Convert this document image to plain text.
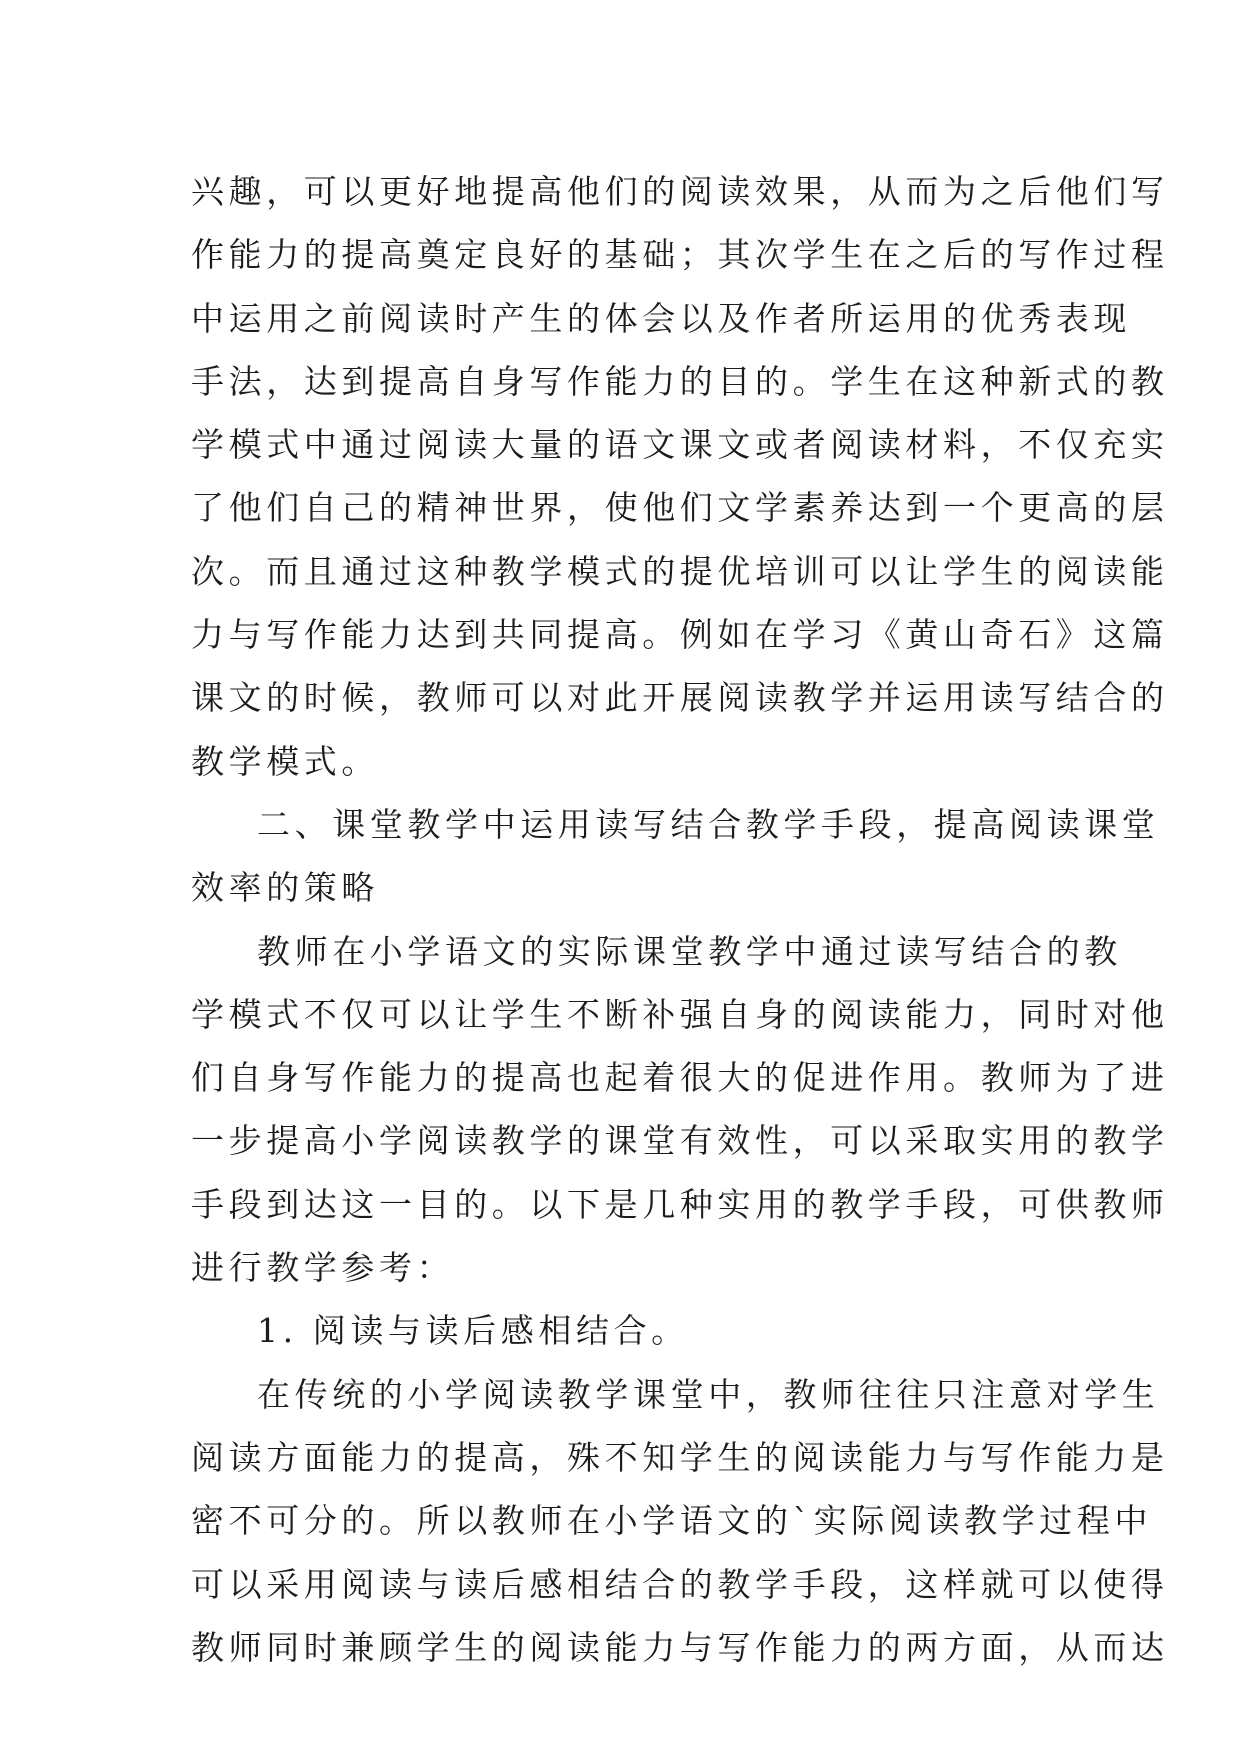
兴趣，可以更好地提高他们的阅读效果，从而为之后他们写
作能力的提高奠定良好的基础；其次学生在之后的写作过程
中运用之前阅读时产生的体会以及作者所运用的优秀表现
手法，达到提高自身写作能力的目的。学生在这种新式的教
学模式中通过阅读大量的语文课文或者阅读材料，不仅充实
了他们自己的精神世界，使他们文学素养达到一个更高的层
次。而且通过这种教学模式的提优培训可以让学生的阅读能
力与写作能力达到共同提高。例如在学习《黄山奇石》这篇
课文的时候，教师可以对此开展阅读教学并运用读写结合的
教学模式。
二、课堂教学中运用读写结合教学手段，提高阅读课堂
效率的策略
教师在小学语文的实际课堂教学中通过读写结合的教
学模式不仅可以让学生不断补强自身的阅读能力，同时对他
们自身写作能力的提高也起着很大的促进作用。教师为了进
一步提高小学阅读教学的课堂有效性，可以采取实用的教学
手段到达这一目的。以下是几种实用的教学手段，可供教师
进行教学参考：
1. 阅读与读后感相结合。
在传统的小学阅读教学课堂中，教师往往只注意对学生
阅读方面能力的提高，殊不知学生的阅读能力与写作能力是
密不可分的。所以教师在小学语文的`实际阅读教学过程中
可以采用阅读与读后感相结合的教学手段，这样就可以使得
教师同时兼顾学生的阅读能力与写作能力的两方面，从而达
